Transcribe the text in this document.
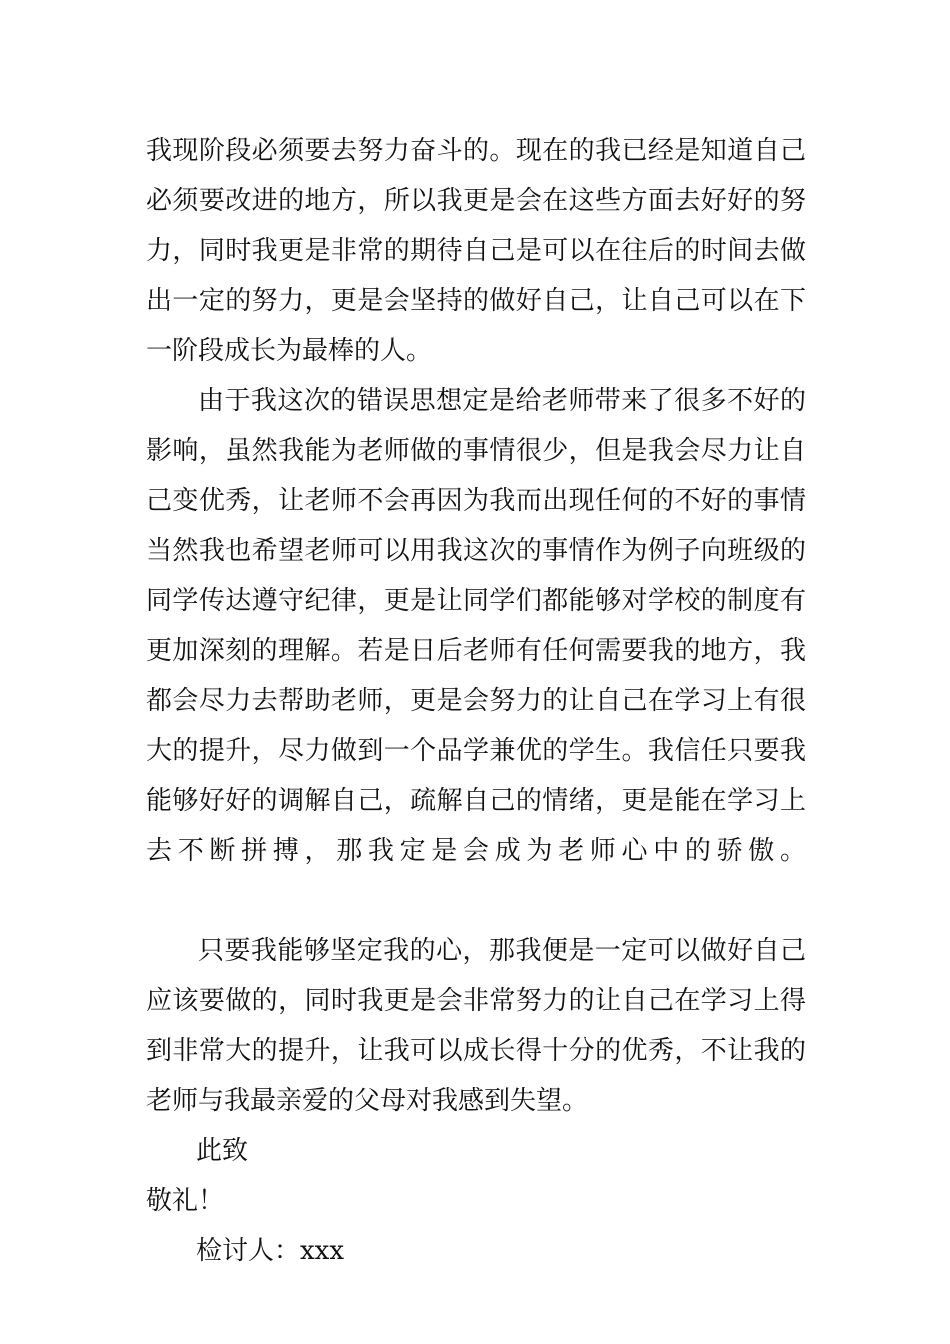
我现阶段必须要去努力奋斗的。现在的我已经是知道自己
必须要改进的地方，所以我更是会在这些方面去好好的努
力，同时我更是非常的期待自己是可以在往后的时间去做
出一定的努力，更是会坚持的做好自己，让自己可以在下
一阶段成长为最棒的人。
由于我这次的错误思想定是给老师带来了很多不好的
影响，虽然我能为老师做的事情很少，但是我会尽力让自
己变优秀，让老师不会再因为我而出现任何的不好的事情
当然我也希望老师可以用我这次的事情作为例子向班级的
同学传达遵守纪律，更是让同学们都能够对学校的制度有
更加深刻的理解。若是日后老师有任何需要我的地方，我
都会尽力去帮助老师，更是会努力的让自己在学习上有很
大的提升，尽力做到一个品学兼优的学生。我信任只要我
能够好好的调解自己，疏解自己的情绪，更是能在学习上
去不断拼搏，那我定是会成为老师心中的骄傲。
只要我能够坚定我的心，那我便是一定可以做好自己
应该要做的，同时我更是会非常努力的让自己在学习上得
到非常大的提升，让我可以成长得十分的优秀，不让我的
老师与我最亲爱的父母对我感到失望。
此致
敬礼！
检讨人：xxx
